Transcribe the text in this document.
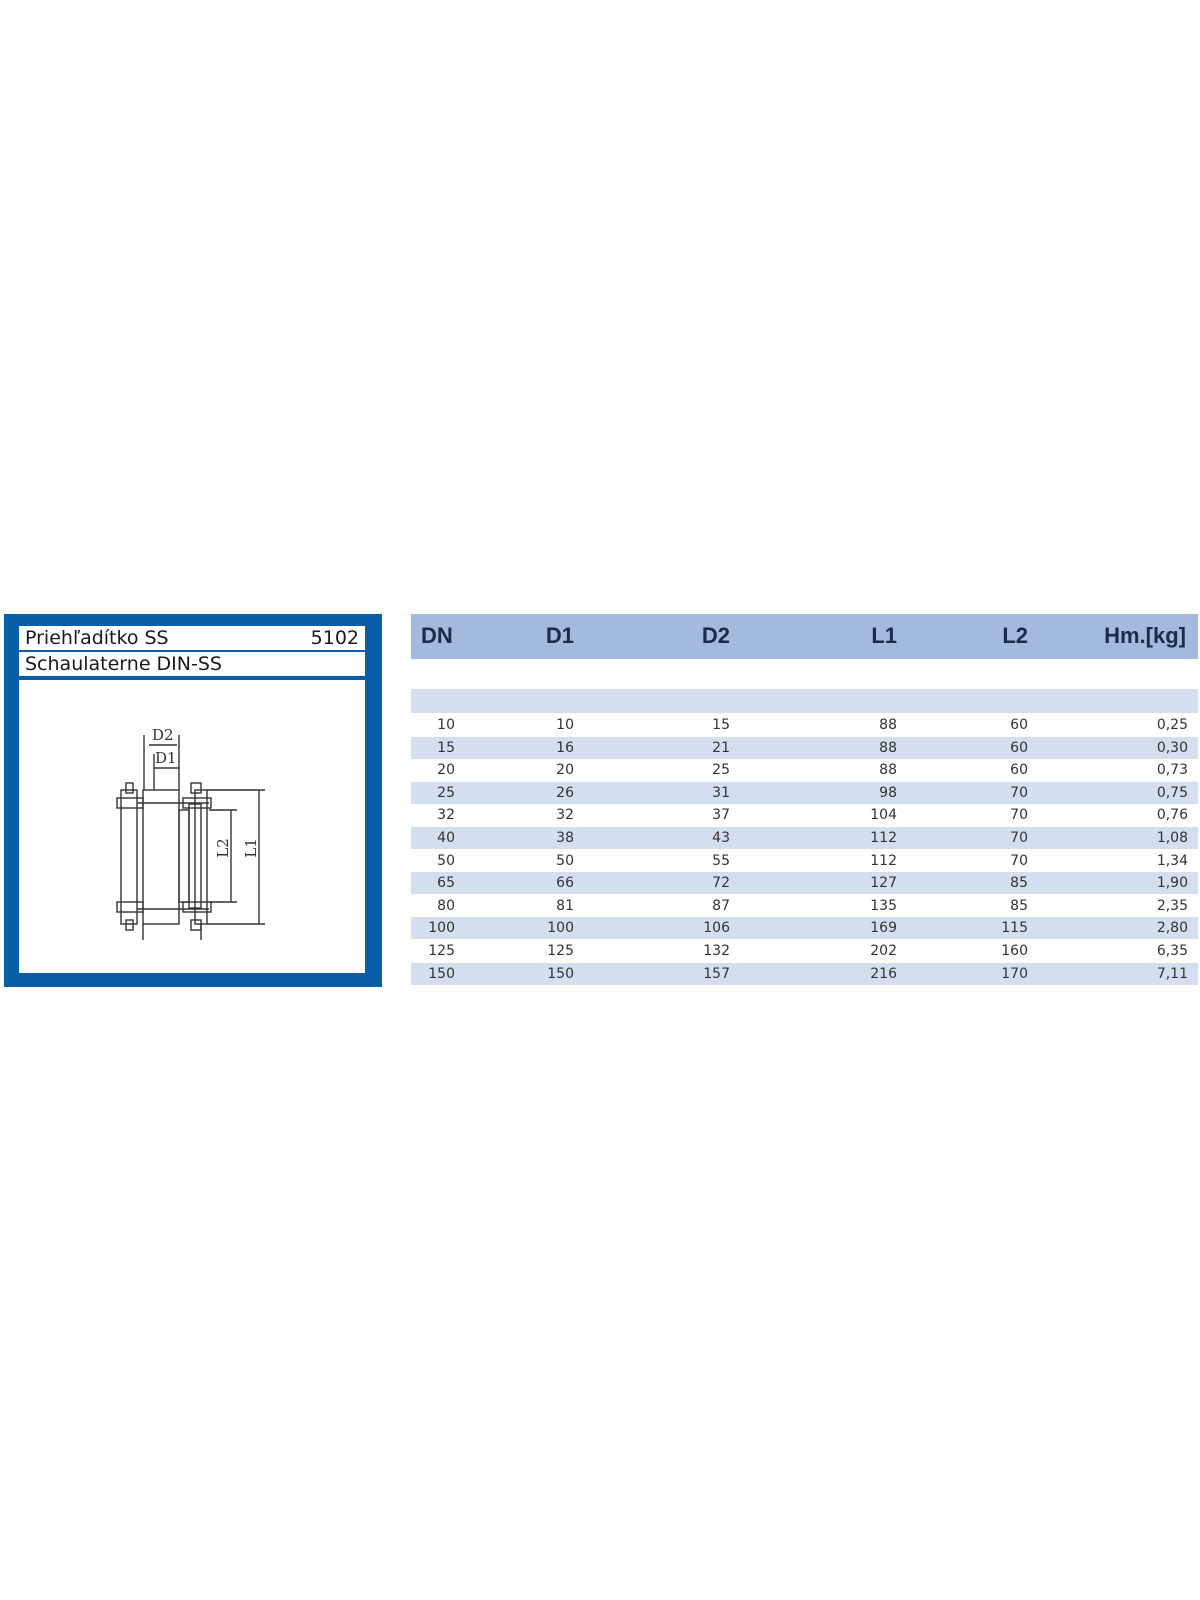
Priehľadítko SS	5102
Schaulaterne DIN-SS
D2
D1
L2 L1
DN	D1	D2	L1	L2	Hm.[kg]
10	10	15	88	60	0,25
15	16	21	88	60	0,30
20	20	25	88	60	0,73
25	26	31	98	70	0,75
32	32	37	104	70	0,76
40	38	43	112	70	1,08
50	50	55	112	70	1,34
65	66	72	127	85	1,90
80	81	87	135	85	2,35
100	100	106	169	115	2,80
125	125	132	202	160	6,35
150	150	157	216	170	7,11
